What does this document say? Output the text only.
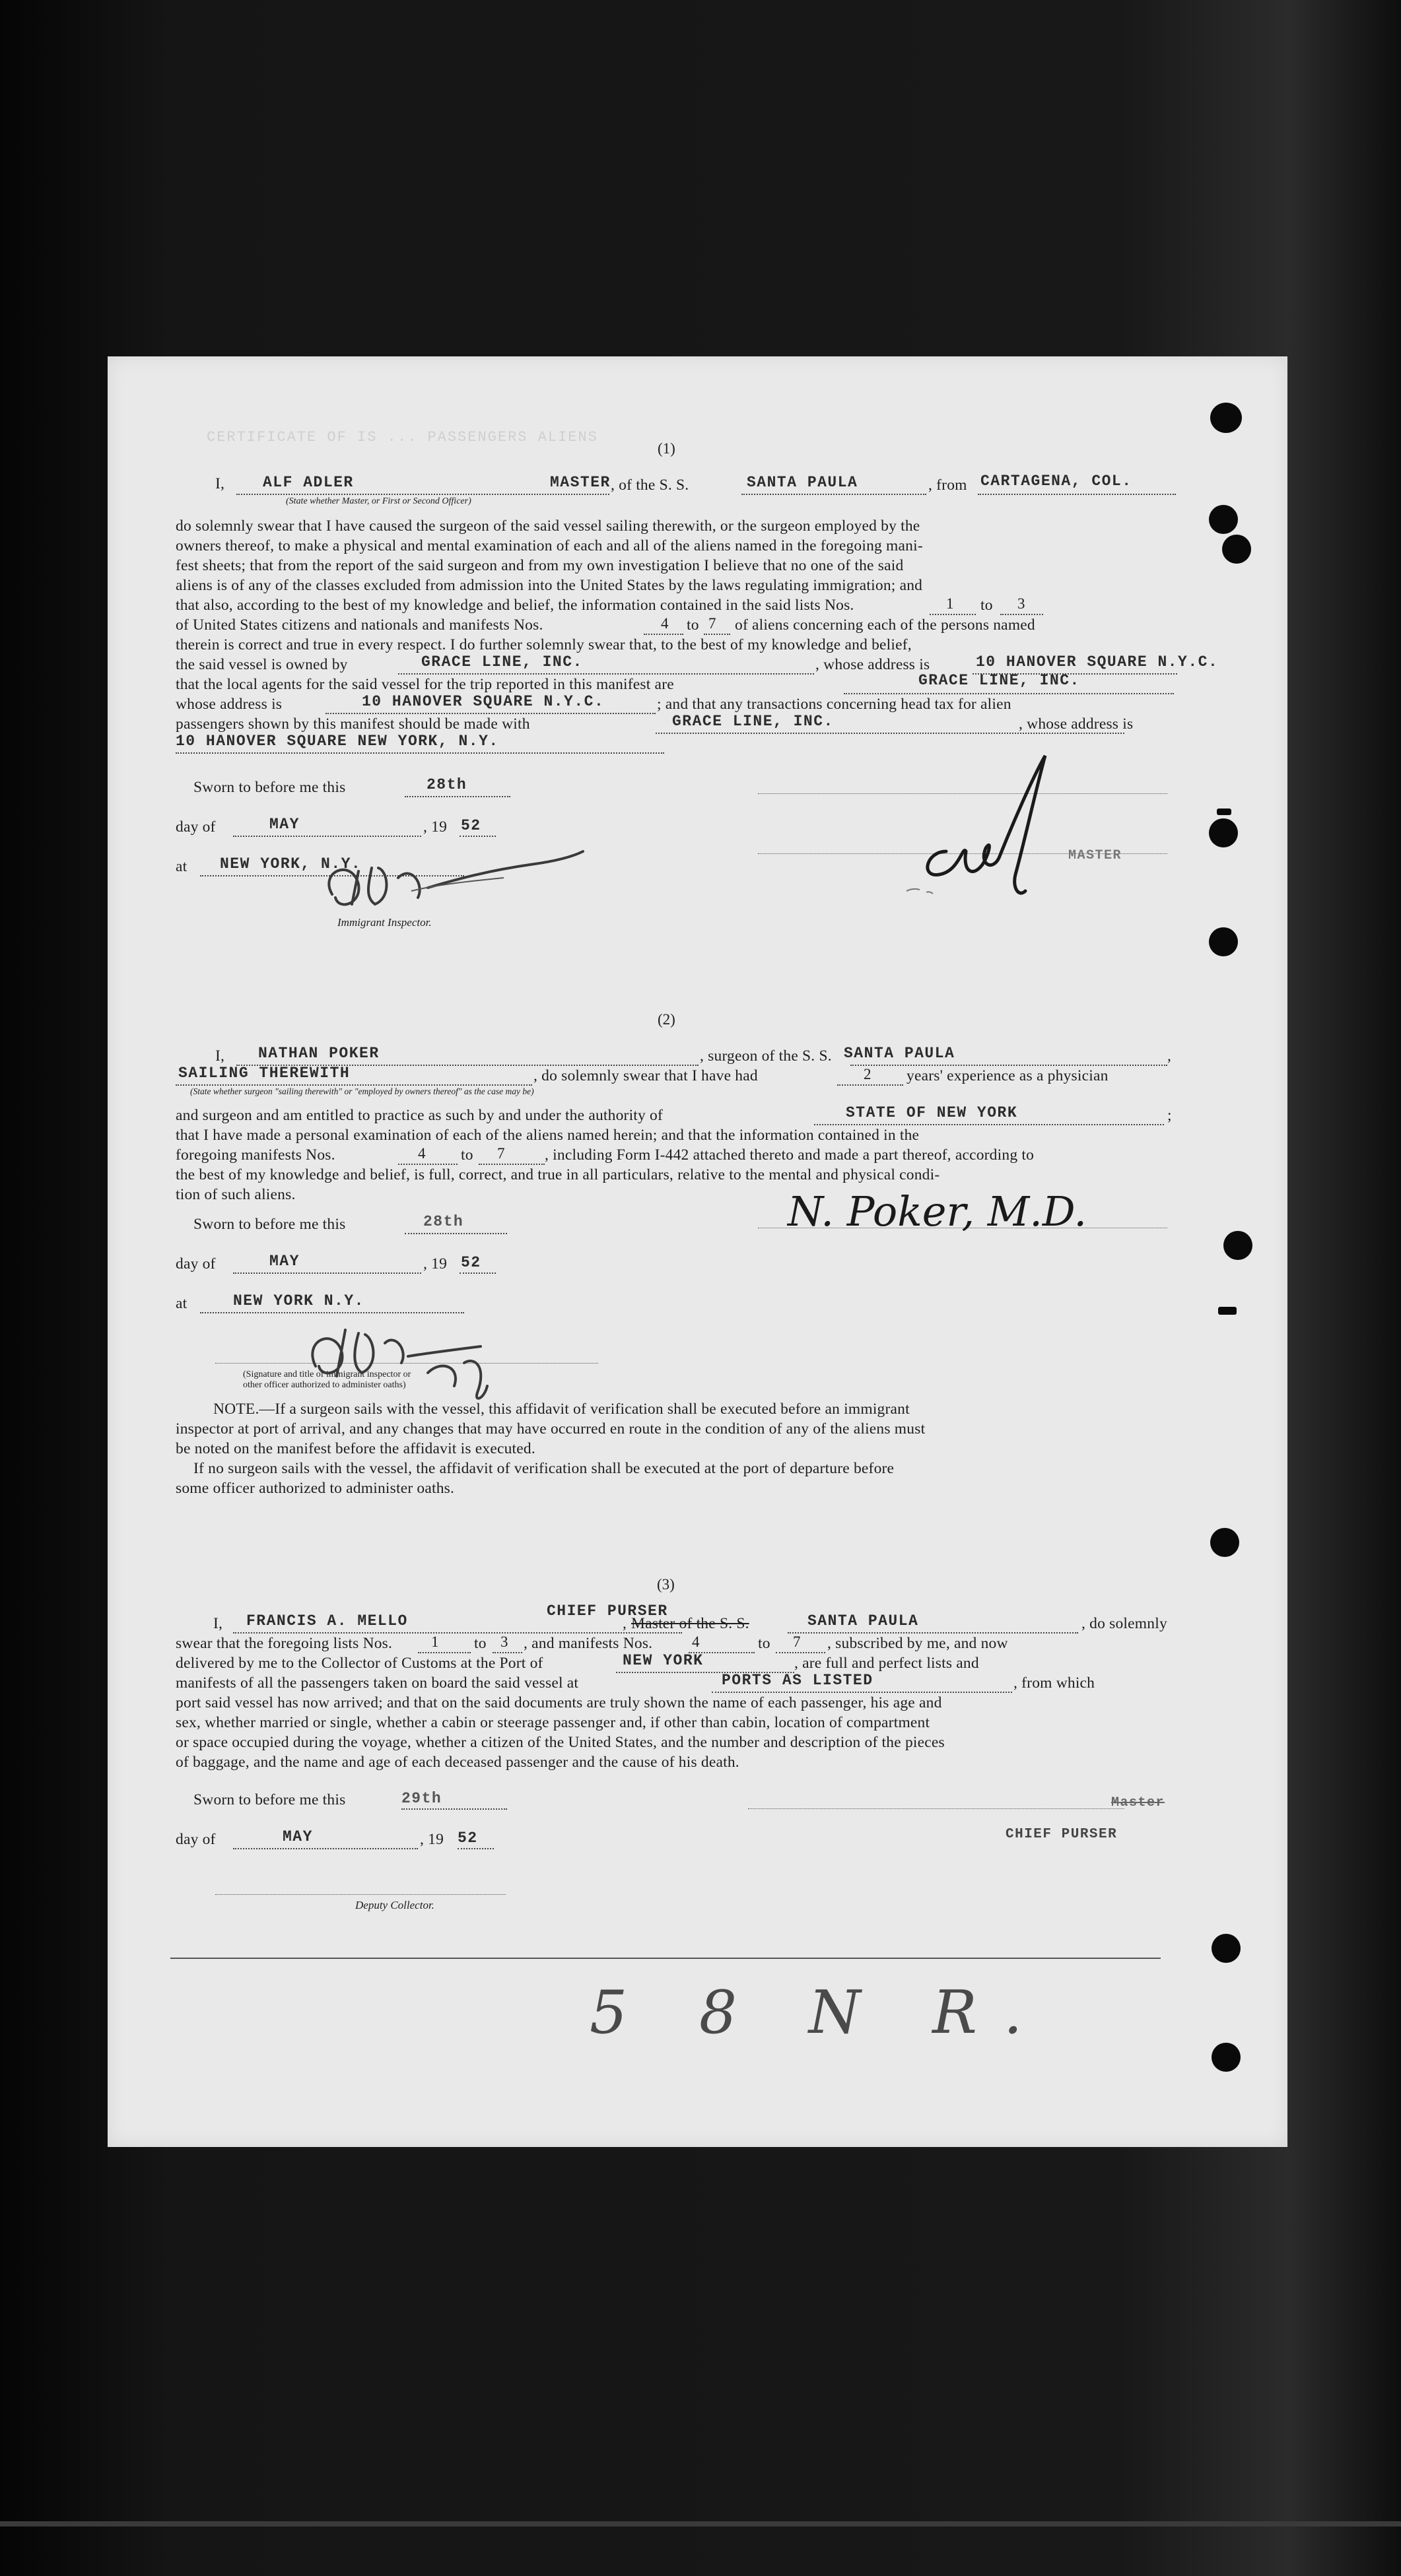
CERTIFICATE OF IS ... PASSENGERS ALIENS
(1)
I,	ALF ADLER	MASTER , of the S. S.	SANTA PAULA	, from CARTAGENA, COL.
(State whether Master, or First or Second Officer)
do solemnly swear that I have caused the surgeon of the said vessel sailing therewith, or the surgeon employed by the
owners thereof, to make a physical and mental examination of each and all of the aliens named in the foregoing mani-
fest sheets; that from the report of the said surgeon and from my own investigation I believe that no one of the said
aliens is of any of the classes excluded from admission into the United States by the laws regulating immigration; and
that also, according to the best of my knowledge and belief, the information contained in the said lists Nos.	1 to 3
of United States citizens and nationals and manifests Nos.	4 to 7 of aliens concerning each of the persons named
therein is correct and true in every respect. I do further solemnly swear that, to the best of my knowledge and belief,
the said vessel is owned by	GRACE LINE, INC.	, whose address is	10 HANOVER SQUARE N.Y.C.
that the local agents for the said vessel for the trip reported in this manifest are	GRACE LINE, INC.
whose address is	10 HANOVER SQUARE N.Y.C.	; and that any transactions concerning head tax for alien
passengers shown by this manifest should be made with	GRACE LINE, INC.	, whose address is
10 HANOVER SQUARE NEW YORK, N.Y.
Sworn to before me this	28th
day of	MAY	, 19 52
at NEW YORK, N.Y.
Immigrant Inspector.
MASTER
(2)
I, NATHAN POKER	, surgeon of the S. S. SANTA PAULA	,
SAILING THEREWITH	, do solemnly swear that I have had	2 years' experience as a physician
(State whether surgeon "sailing therewith" or "employed by owners thereof" as the case may be)
and surgeon and am entitled to practice as such by and under the authority of	STATE OF NEW YORK	;
that I have made a personal examination of each of the aliens named herein; and that the information contained in the
foregoing manifests Nos.	4 to 7	, including Form I-442 attached thereto and made a part thereof, according to
the best of my knowledge and belief, is full, correct, and true in all particulars, relative to the mental and physical condi-
tion of such aliens.
Sworn to before me this	28th	N. Poker, M.D.
day of	MAY	, 19 52
at	NEW YORK N.Y.
(Signature and title of immigrant inspector or
other officer authorized to administer oaths)
NOTE.—If a surgeon sails with the vessel, this affidavit of verification shall be executed before an immigrant
inspector at port of arrival, and any changes that may have occurred en route in the condition of any of the aliens must
be noted on the manifest before the affidavit is executed.
If no surgeon sails with the vessel, the affidavit of verification shall be executed at the port of departure before
some officer authorized to administer oaths.
(3)
I, FRANCIS A. MELLO
CHIEF PURSER
, Master of the S. S.	SANTA PAULA	, do solemnly
swear that the foregoing lists Nos.	1 to 3 , and manifests Nos.	4	to 7 , subscribed by me, and now
delivered by me to the Collector of Customs at the Port of	NEW YORK	, are full and perfect lists and
manifests of all the passengers taken on board the said vessel at	PORTS AS LISTED	, from which
port said vessel has now arrived; and that on the said documents are truly shown the name of each passenger, his age and
sex, whether married or single, whether a cabin or steerage passenger and, if other than cabin, location of compartment
or space occupied during the voyage, whether a citizen of the United States, and the number and description of the pieces
of baggage, and the name and age of each deceased passenger and the cause of his death.
Sworn to before me this	29th	Master
CHIEF PURSER
day of	MAY	, 19 52
Deputy Collector.
5 8 N R.
